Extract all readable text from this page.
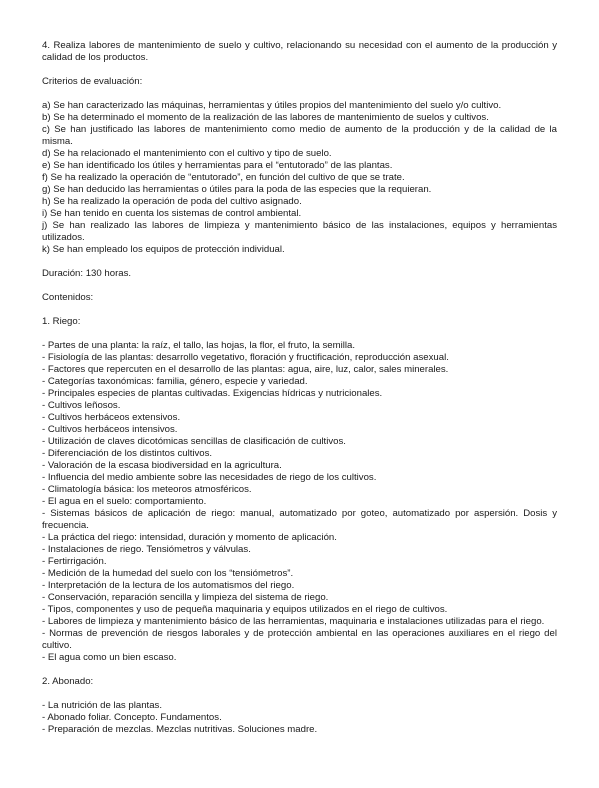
4. Realiza labores de mantenimiento de suelo y cultivo, relacionando su necesidad con el aumento de la producción y calidad de los productos.

Criterios de evaluación:

a) Se han caracterizado las máquinas, herramientas y útiles propios del mantenimiento del suelo y/o cultivo.

b) Se ha determinado el momento de la realización de las labores de mantenimiento de suelos y cultivos.

c) Se han justificado las labores de mantenimiento como medio de aumento de la producción y de la calidad de la misma.

d) Se ha relacionado el mantenimiento con el cultivo y tipo de suelo.

e) Se han identificado los útiles y herramientas para el “entutorado” de las plantas.

f) Se ha realizado la operación de “entutorado”, en función del cultivo de que se trate.

g) Se han deducido las herramientas o útiles para la poda de las especies que la requieran.

h) Se ha realizado la operación de poda del cultivo asignado.

i) Se han tenido en cuenta los sistemas de control ambiental.

j) Se han realizado las labores de limpieza y mantenimiento básico de las instalaciones, equipos y herramientas utilizados.

k) Se han empleado los equipos de protección individual.

Duración: 130 horas.

Contenidos:

1. Riego:

- Partes de una planta: la raíz, el tallo, las hojas, la flor, el fruto, la semilla.

- Fisiología de las plantas: desarrollo vegetativo, floración y fructificación, reproducción asexual.

- Factores que repercuten en el desarrollo de las plantas: agua, aire, luz, calor, sales minerales.

- Categorías taxonómicas: familia, género, especie y variedad.

- Principales especies de plantas cultivadas. Exigencias hídricas y nutricionales.

- Cultivos leñosos.

- Cultivos herbáceos extensivos.

- Cultivos herbáceos intensivos.

- Utilización de claves dicotómicas sencillas de clasificación de cultivos.

- Diferenciación de los distintos cultivos.

- Valoración de la escasa biodiversidad en la agricultura.

- Influencia del medio ambiente sobre las necesidades de riego de los cultivos.

- Climatología básica: los meteoros atmosféricos.

- El agua en el suelo: comportamiento.

- Sistemas básicos de aplicación de riego: manual, automatizado por goteo, automatizado por aspersión. Dosis y frecuencia.

- La práctica del riego: intensidad, duración y momento de aplicación.

- Instalaciones de riego. Tensiómetros y válvulas.

- Fertirrigación.

- Medición de la humedad del suelo con los “tensiómetros”.

- Interpretación de la lectura de los automatismos del riego.

- Conservación, reparación sencilla y limpieza del sistema de riego.

- Tipos, componentes y uso de pequeña maquinaria y equipos utilizados en el riego de cultivos.

- Labores de limpieza y mantenimiento básico de las herramientas, maquinaria e instalaciones utilizadas para el riego.

- Normas de prevención de riesgos laborales y de protección ambiental en las operaciones auxiliares en el riego del cultivo.

- El agua como un bien escaso.

2. Abonado:

- La nutrición de las plantas.

- Abonado foliar. Concepto. Fundamentos.

- Preparación de mezclas. Mezclas nutritivas. Soluciones madre.
